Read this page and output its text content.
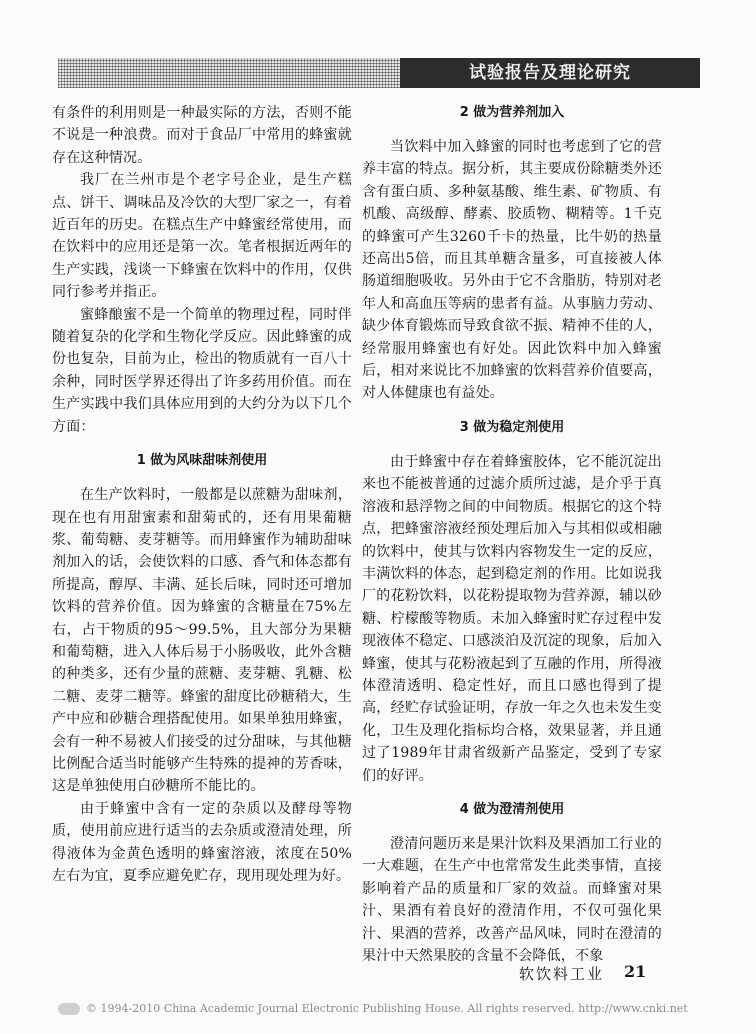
试验报告及理论研究

有条件的利用则是一种最实际的方法，否则不能不说是一种浪费。而对于食品厂中常用的蜂蜜就存在这种情况。

我厂在兰州市是个老字号企业，是生产糕点、饼干、调味品及冷饮的大型厂家之一，有着近百年的历史。在糕点生产中蜂蜜经常使用，而在饮料中的应用还是第一次。笔者根据近两年的生产实践，浅谈一下蜂蜜在饮料中的作用，仅供同行参考并指正。

蜜蜂酿蜜不是一个简单的物理过程，同时伴随着复杂的化学和生物化学反应。因此蜂蜜的成份也复杂，目前为止，检出的物质就有一百八十余种，同时医学界还得出了许多药用价值。而在生产实践中我们具体应用到的大约分为以下几个方面：

1 做为风味甜味剂使用

在生产饮料时，一般都是以蔗糖为甜味剂，现在也有用甜蜜素和甜菊甙的，还有用果葡糖浆、葡萄糖、麦芽糖等。而用蜂蜜作为辅助甜味剂加入的话，会使饮料的口感、香气和体态都有所提高，醇厚、丰满、延长后味，同时还可增加饮料的营养价值。因为蜂蜜的含糖量在75%左右，占干物质的95～99.5%，且大部分为果糖和葡萄糖，进入人体后易于小肠吸收，此外含糖的种类多，还有少量的蔗糖、麦芽糖、乳糖、松二糖、麦芽二糖等。蜂蜜的甜度比砂糖稍大，生产中应和砂糖合理搭配使用。如果单独用蜂蜜，会有一种不易被人们接受的过分甜味，与其他糖比例配合适当时能够产生特殊的提神的芳香味，这是单独使用白砂糖所不能比的。

由于蜂蜜中含有一定的杂质以及酵母等物质，使用前应进行适当的去杂质或澄清处理，所得液体为金黄色透明的蜂蜜溶液，浓度在50%左右为宜，夏季应避免贮存，现用现处理为好。

2 做为营养剂加入

当饮料中加入蜂蜜的同时也考虑到了它的营养丰富的特点。据分析，其主要成份除糖类外还含有蛋白质、多种氨基酸、维生素、矿物质、有机酸、高级醇、酵素、胶质物、糊精等。1千克的蜂蜜可产生3260千卡的热量，比牛奶的热量还高出5倍，而且其单糖含量多，可直接被人体肠道细胞吸收。另外由于它不含脂肪，特别对老年人和高血压等病的患者有益。从事脑力劳动、缺少体育锻炼而导致食欲不振、精神不佳的人，经常服用蜂蜜也有好处。因此饮料中加入蜂蜜后，相对来说比不加蜂蜜的饮料营养价值要高，对人体健康也有益处。

3 做为稳定剂使用

由于蜂蜜中存在着蜂蜜胶体，它不能沉淀出来也不能被普通的过滤介质所过滤，是介乎于真溶液和悬浮物之间的中间物质。根据它的这个特点，把蜂蜜溶液经预处理后加入与其相似或相融的饮料中，使其与饮料内容物发生一定的反应，丰满饮料的体态，起到稳定剂的作用。比如说我厂的花粉饮料，以花粉提取物为营养源，辅以砂糖、柠檬酸等物质。未加入蜂蜜时贮存过程中发现液体不稳定、口感淡泊及沉淀的现象，后加入蜂蜜，使其与花粉液起到了互融的作用，所得液体澄清透明、稳定性好，而且口感也得到了提高，经贮存试验证明，存放一年之久也未发生变化，卫生及理化指标均合格，效果显著，并且通过了1989年甘肃省级新产品鉴定，受到了专家们的好评。

4 做为澄清剂使用

澄清问题历来是果汁饮料及果酒加工行业的一大难题，在生产中也常常发生此类事情，直接影响着产品的质量和厂家的效益。而蜂蜜对果汁、果酒有着良好的澄清作用，不仅可强化果汁、果酒的营养，改善产品风味，同时在澄清的果汁中天然果胶的含量不会降低，不象

软饮料工业 21
© 1994-2010 China Academic Journal Electronic Publishing House. All rights reserved. http://www.cnki.net
